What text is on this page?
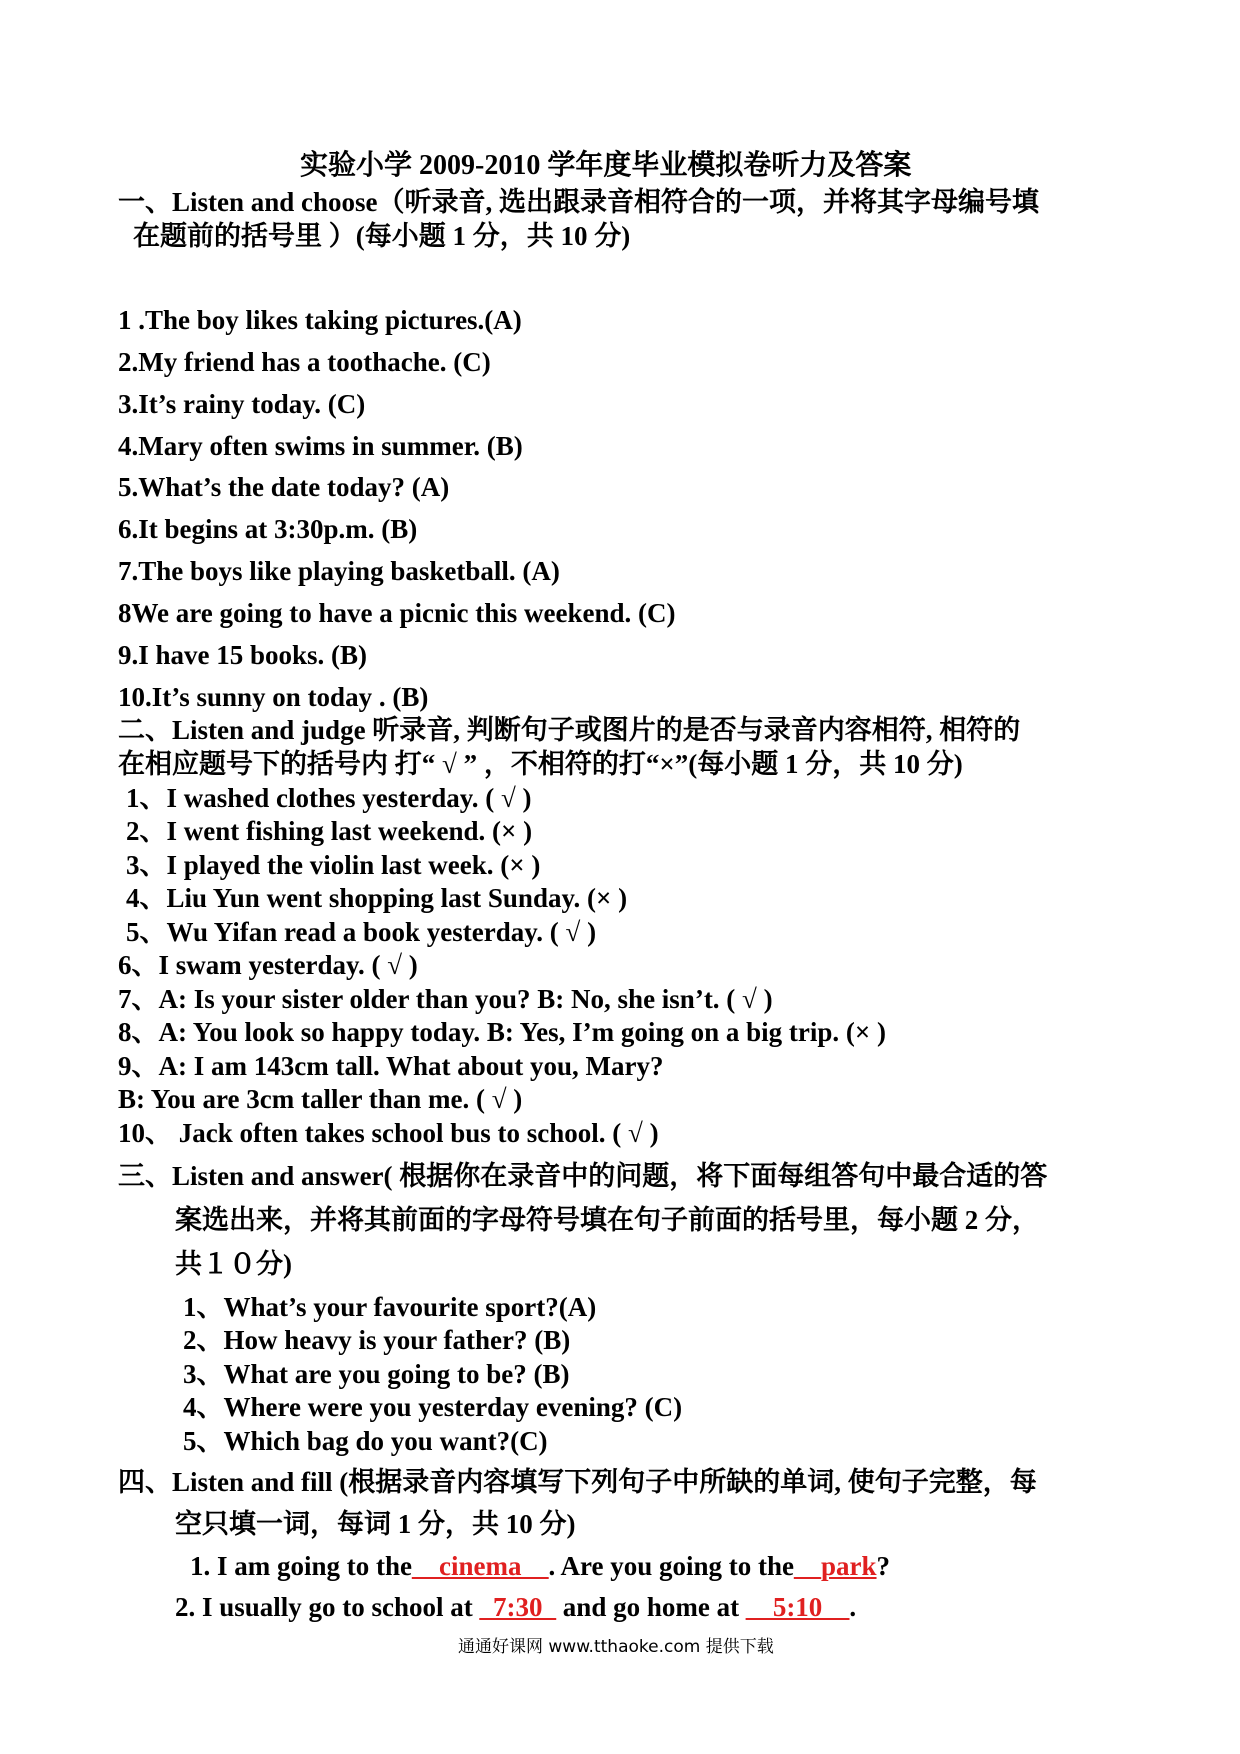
实验小学 2009-2010 学年度毕业模拟卷听力及答案
一、Listen and choose（听录音, 选出跟录音相符合的一项，并将其字母编号填
在题前的括号里 ）(每小题 1 分，共 10 分)
1 .The boy likes taking pictures.(A)
2.My friend has a toothache. (C)
3.It’s rainy today. (C)
4.Mary often swims in summer. (B)
5.What’s the date today? (A)
6.It begins at 3:30p.m. (B)
7.The boys like playing basketball. (A)
8We are going to have a picnic this weekend. (C)
9.I have 15 books. (B)
10.It’s sunny on today . (B)
二、Listen and judge 听录音, 判断句子或图片的是否与录音内容相符, 相符的
在相应题号下的括号内 打“ √ ” ，不相符的打“×”(每小题 1 分，共 10 分)
1、I washed clothes yesterday. ( √ )
2、I went fishing last weekend. (× )
3、I played the violin last week. (× )
4、Liu Yun went shopping last Sunday. (× )
5、Wu Yifan read a book yesterday. ( √ )
6、I swam yesterday. ( √ )
7、A: Is your sister older than you? B: No, she isn’t. ( √ )
8、A: You look so happy today. B: Yes, I’m going on a big trip. (× )
9、A: I am 143cm tall. What about you, Mary?
B: You are 3cm taller than me. ( √ )
10、 Jack often takes school bus to school. ( √ )
三、Listen and answer( 根据你在录音中的问题，将下面每组答句中最合适的答
案选出来，并将其前面的字母符号填在句子前面的括号里，每小题 2 分，
共１０分)
1、What’s your favourite sport?(A)
2、How heavy is your father? (B)
3、What are you going to be? (B)
4、Where were you yesterday evening? (C)
5、Which bag do you want?(C)
四、Listen and fill (根据录音内容填写下列句子中所缺的单词, 使句子完整，每
空只填一词，每词 1 分，共 10 分)
1. I am going to the__cinema__. Are you going to the__park?
2. I usually go to school at _7:30_ and go home at __5:10__.
通通好课网 www.tthaoke.com 提供下载
